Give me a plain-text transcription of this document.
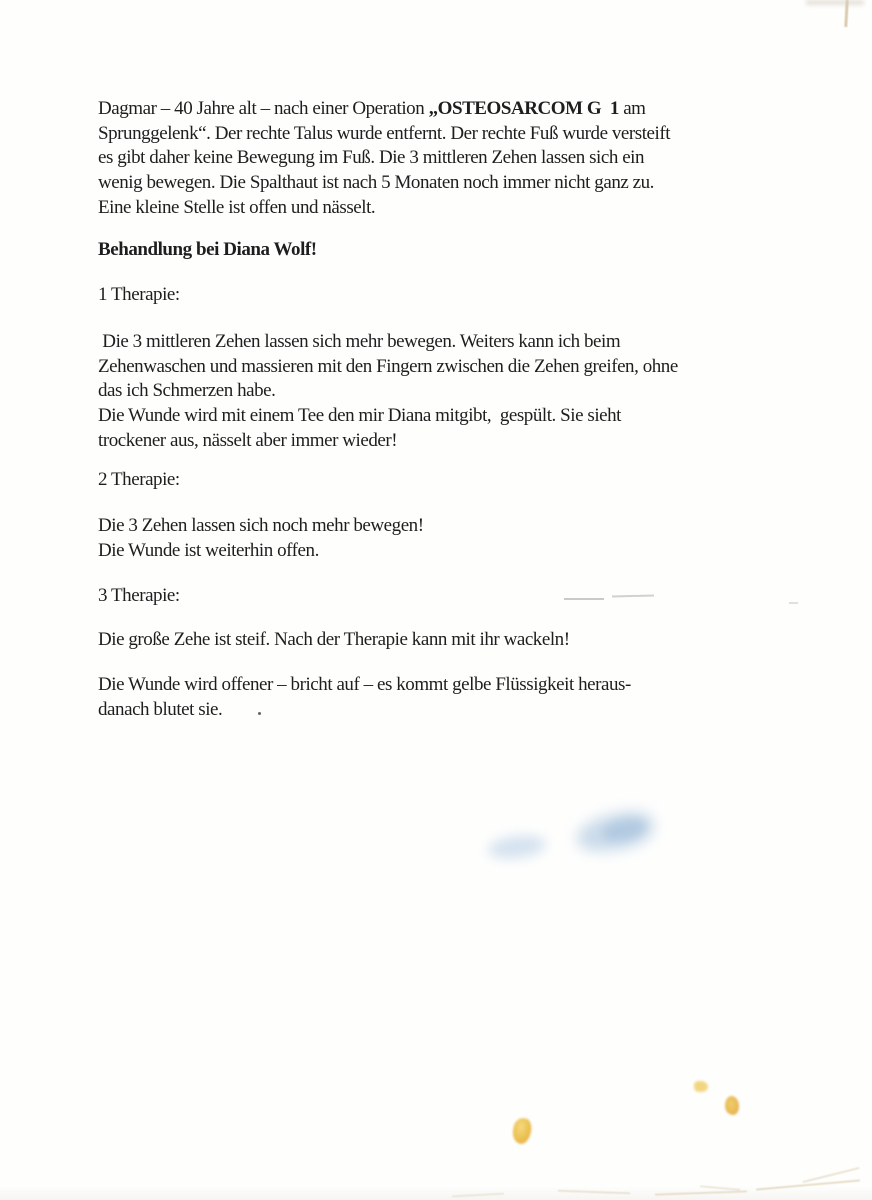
Dagmar – 40 Jahre alt – nach einer Operation „OSTEOSARCOM G  1 am
Sprunggelenk“. Der rechte Talus wurde entfernt. Der rechte Fuß wurde versteift
es gibt daher keine Bewegung im Fuß. Die 3 mittleren Zehen lassen sich ein
wenig bewegen. Die Spalthaut ist nach 5 Monaten noch immer nicht ganz zu.
Eine kleine Stelle ist offen und nässelt.
Behandlung bei Diana Wolf!
1 Therapie:
Die 3 mittleren Zehen lassen sich mehr bewegen. Weiters kann ich beim
Zehenwaschen und massieren mit den Fingern zwischen die Zehen greifen, ohne
das ich Schmerzen habe.
Die Wunde wird mit einem Tee den mir Diana mitgibt,  gespült. Sie sieht
trockener aus, nässelt aber immer wieder!
2 Therapie:
Die 3 Zehen lassen sich noch mehr bewegen!
Die Wunde ist weiterhin offen.
3 Therapie:
Die große Zehe ist steif. Nach der Therapie kann mit ihr wackeln!
Die Wunde wird offener – bricht auf – es kommt gelbe Flüssigkeit heraus-
danach blutet sie.
